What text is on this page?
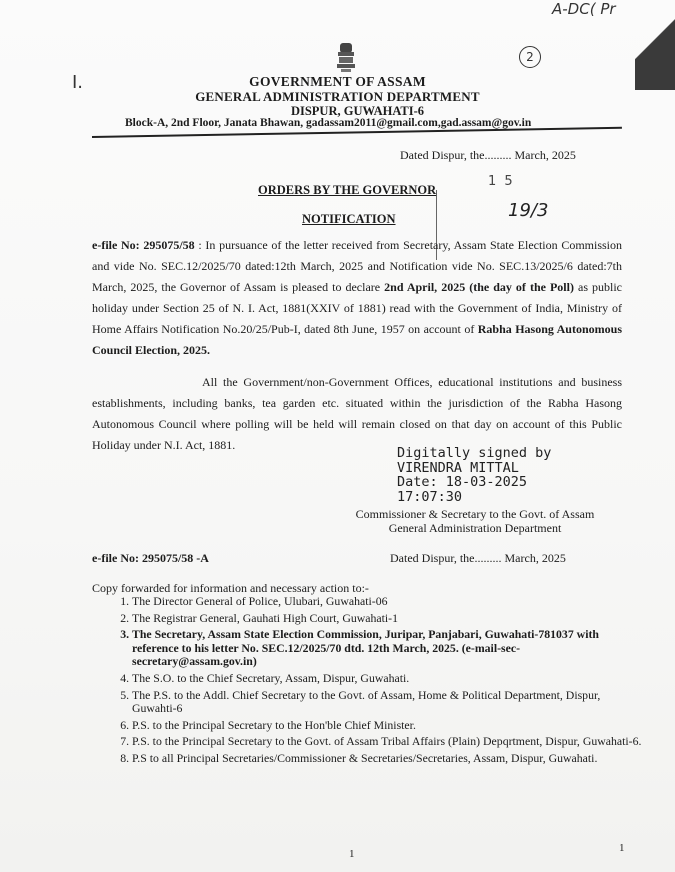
A-DC( Pr
I.
2
GOVERNMENT OF ASSAM
GENERAL ADMINISTRATION DEPARTMENT
DISPUR, GUWAHATI-6
Block-A, 2nd Floor, Janata Bhawan, gadassam2011@gmail.com,gad.assam@gov.in
Dated Dispur, the......... March, 2025
1 5
19/3
ORDERS BY THE GOVERNOR
NOTIFICATION
e-file No: 295075/58 : In pursuance of the letter received from Secretary, Assam State Election Commission and vide No. SEC.12/2025/70 dated:12th March, 2025 and Notification vide No. SEC.13/2025/6 dated:7th March, 2025, the Governor of Assam is pleased to declare 2nd April, 2025 (the day of the Poll) as public holiday under Section 25 of N. I. Act, 1881(XXIV of 1881) read with the Government of India, Ministry of Home Affairs Notification No.20/25/Pub-I, dated 8th June, 1957 on account of Rabha Hasong Autonomous Council Election, 2025.
All the Government/non-Government Offices, educational institutions and business establishments, including banks, tea garden etc. situated within the jurisdiction of the Rabha Hasong Autonomous Council where polling will be held will remain closed on that day on account of this Public Holiday under N.I. Act, 1881.	Digitally signed by
VIRENDRA MITTAL
Date: 18-03-2025
17:07:30
Commissioner & Secretary to the Govt. of Assam
General Administration Department
e-file No: 295075/58 -A	Dated Dispur, the......... March, 2025
Copy forwarded for information and necessary action to:-
1. The Director General of Police, Ulubari, Guwahati-06
2. The Registrar General, Gauhati High Court, Guwahati-1
3. The Secretary, Assam State Election Commission, Juripar, Panjabari, Guwahati-781037 with reference to his letter No. SEC.12/2025/70 dtd. 12th March, 2025. (e-mail-sec-secretary@assam.gov.in)
4. The S.O. to the Chief Secretary, Assam, Dispur, Guwahati.
5. The P.S. to the Addl. Chief Secretary to the Govt. of Assam, Home & Political Department, Dispur, Guwahti-6
6. P.S. to the Principal Secretary to the Hon'ble Chief Minister.
7. P.S. to the Principal Secretary to the Govt. of Assam Tribal Affairs (Plain) Depqrtment, Dispur, Guwahati-6.
8. P.S to all Principal Secretaries/Commissioner & Secretaries/Secretaries, Assam, Dispur, Guwahati.
1	1
